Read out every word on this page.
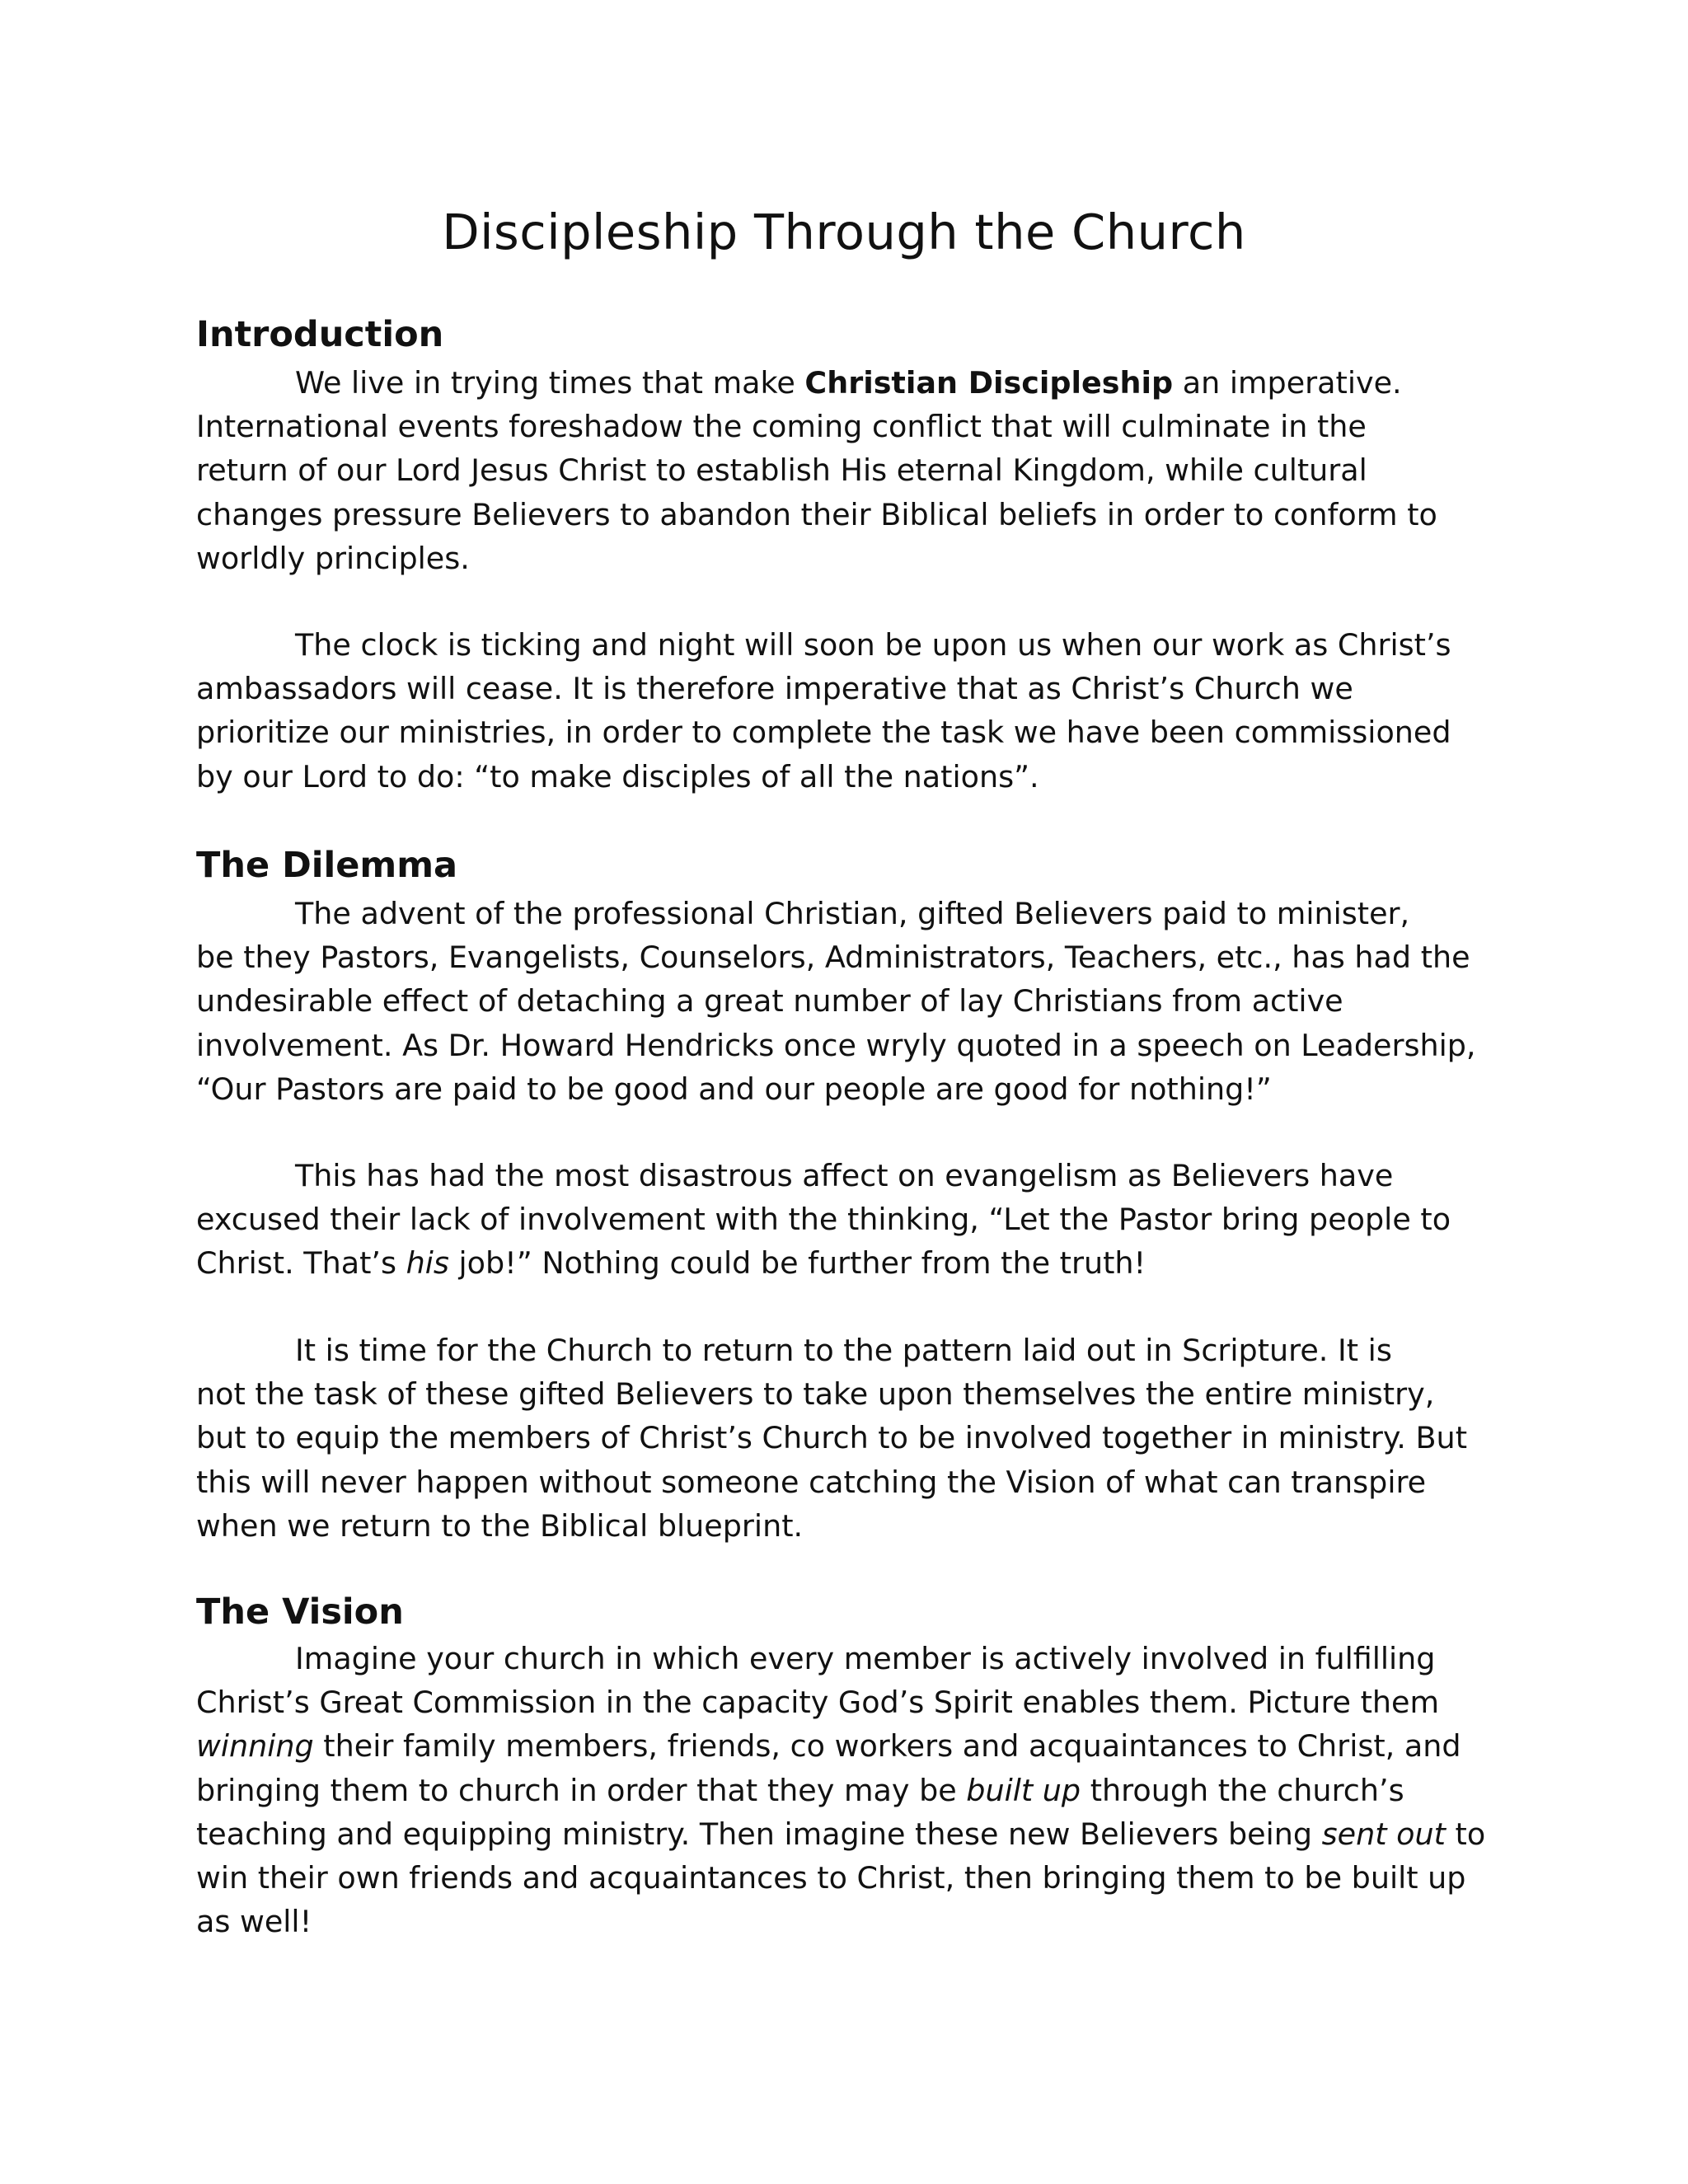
Discipleship Through the Church
Introduction

We live in trying times that make Christian Discipleship an imperative.
International events foreshadow the coming conflict that will culminate in the
return of our Lord Jesus Christ to establish His eternal Kingdom, while cultural
changes pressure Believers to abandon their Biblical beliefs in order to conform to
worldly principles.

The clock is ticking and night will soon be upon us when our work as Christ’s
ambassadors will cease. It is therefore imperative that as Christ’s Church we
prioritize our ministries, in order to complete the task we have been commissioned
by our Lord to do: “to make disciples of all the nations”.

The Dilemma

The advent of the professional Christian, gifted Believers paid to minister,
be they Pastors, Evangelists, Counselors, Administrators, Teachers, etc., has had the
undesirable effect of detaching a great number of lay Christians from active
involvement. As Dr. Howard Hendricks once wryly quoted in a speech on Leadership,
“Our Pastors are paid to be good and our people are good for nothing!”

This has had the most disastrous affect on evangelism as Believers have
excused their lack of involvement with the thinking, “Let the Pastor bring people to
Christ. That’s his job!” Nothing could be further from the truth!

It is time for the Church to return to the pattern laid out in Scripture. It is
not the task of these gifted Believers to take upon themselves the entire ministry,
but to equip the members of Christ’s Church to be involved together in ministry. But
this will never happen without someone catching the Vision of what can transpire
when we return to the Biblical blueprint.

The Vision

Imagine your church in which every member is actively involved in fulfilling
Christ’s Great Commission in the capacity God’s Spirit enables them. Picture them
winning their family members, friends, co workers and acquaintances to Christ, and
bringing them to church in order that they may be built up through the church’s
teaching and equipping ministry. Then imagine these new Believers being sent out to
win their own friends and acquaintances to Christ, then bringing them to be built up
as well!
